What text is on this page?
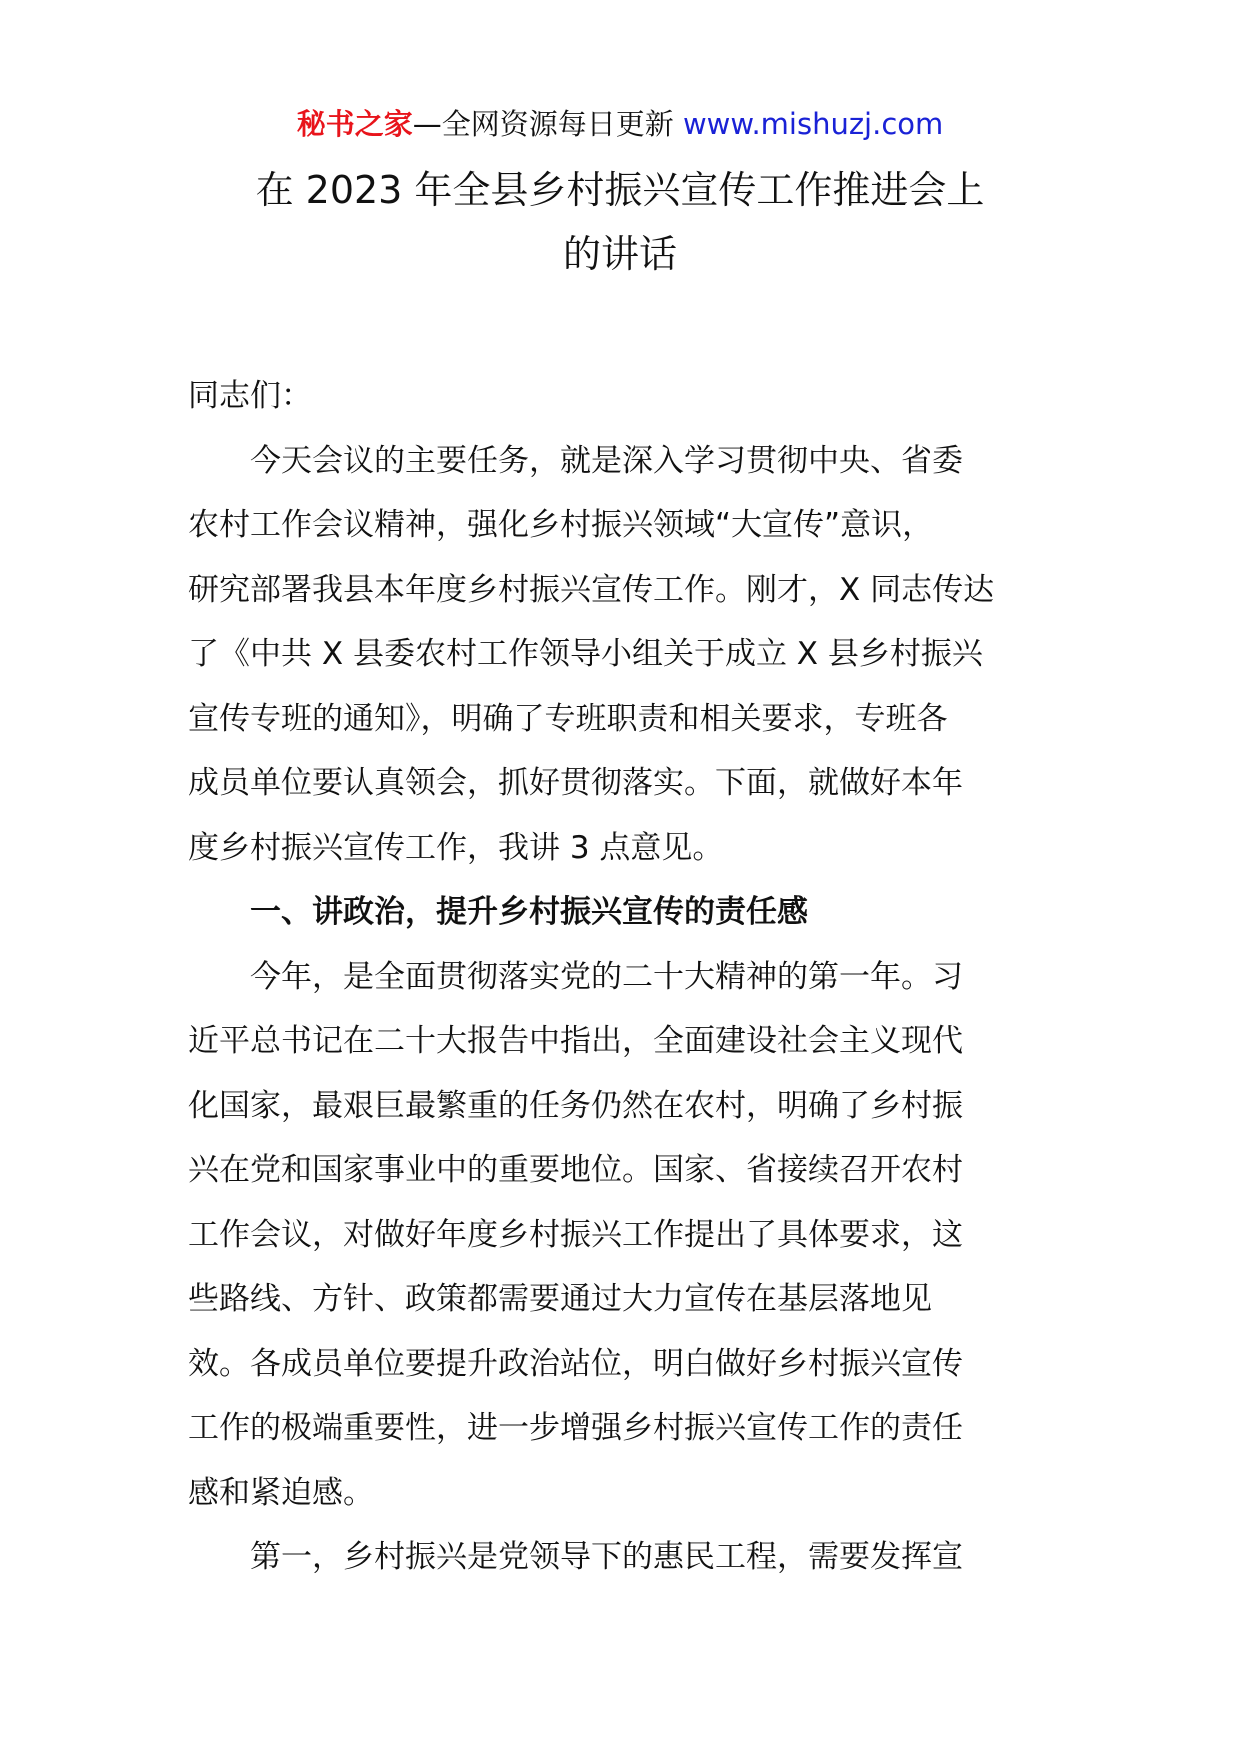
秘书之家—全网资源每日更新 www.mishuzj.com
在 2023 年全县乡村振兴宣传工作推进会上
的讲话

同志们：

今天会议的主要任务，就是深入学习贯彻中央、省委
农村工作会议精神，强化乡村振兴领域“大宣传”意识，
研究部署我县本年度乡村振兴宣传工作。刚才，X 同志传达
了《中共 X 县委农村工作领导小组关于成立 X 县乡村振兴
宣传专班的通知》，明确了专班职责和相关要求，专班各
成员单位要认真领会，抓好贯彻落实。下面，就做好本年
度乡村振兴宣传工作，我讲 3 点意见。

一、讲政治，提升乡村振兴宣传的责任感

今年，是全面贯彻落实党的二十大精神的第一年。习
近平总书记在二十大报告中指出，全面建设社会主义现代
化国家，最艰巨最繁重的任务仍然在农村，明确了乡村振
兴在党和国家事业中的重要地位。国家、省接续召开农村
工作会议，对做好年度乡村振兴工作提出了具体要求，这
些路线、方针、政策都需要通过大力宣传在基层落地见
效。各成员单位要提升政治站位，明白做好乡村振兴宣传
工作的极端重要性，进一步增强乡村振兴宣传工作的责任
感和紧迫感。

第一，乡村振兴是党领导下的惠民工程，需要发挥宣
